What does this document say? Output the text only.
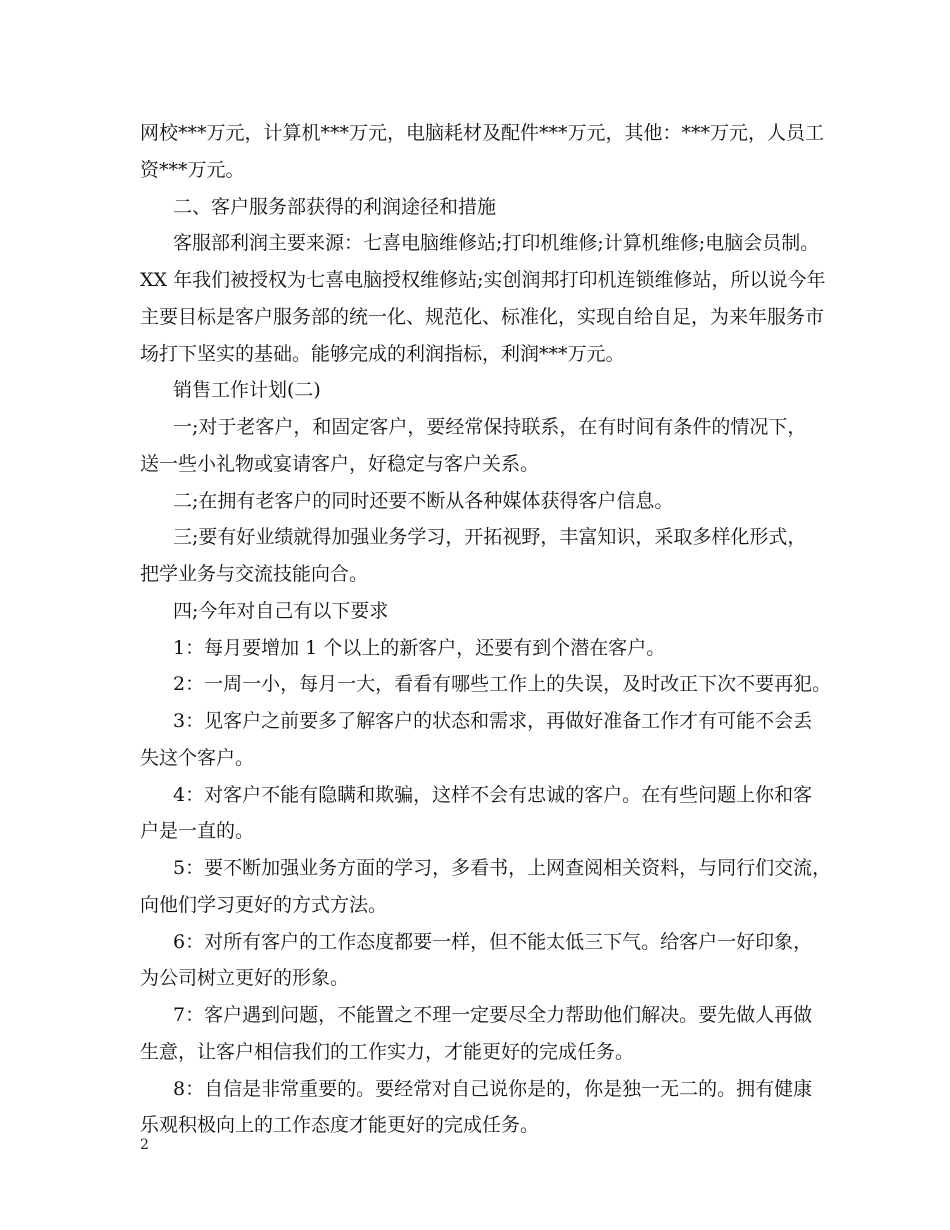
网校***万元，计算机***万元，电脑耗材及配件***万元，其他：***万元，人员工
资***万元。
二、客户服务部获得的利润途径和措施
客服部利润主要来源：七喜电脑维修站;打印机维修;计算机维修;电脑会员制。
XX 年我们被授权为七喜电脑授权维修站;实创润邦打印机连锁维修站，所以说今年
主要目标是客户服务部的统一化、规范化、标准化，实现自给自足，为来年服务市
场打下坚实的基础。能够完成的利润指标，利润***万元。
销售工作计划(二)
一;对于老客户，和固定客户，要经常保持联系，在有时间有条件的情况下，
送一些小礼物或宴请客户，好稳定与客户关系。
二;在拥有老客户的同时还要不断从各种媒体获得客户信息。
三;要有好业绩就得加强业务学习，开拓视野，丰富知识，采取多样化形式，
把学业务与交流技能向合。
四;今年对自己有以下要求
1：每月要增加 1 个以上的新客户，还要有到个潜在客户。
2：一周一小，每月一大，看看有哪些工作上的失误，及时改正下次不要再犯。
3：见客户之前要多了解客户的状态和需求，再做好准备工作才有可能不会丢
失这个客户。
4：对客户不能有隐瞒和欺骗，这样不会有忠诚的客户。在有些问题上你和客
户是一直的。
5：要不断加强业务方面的学习，多看书，上网查阅相关资料，与同行们交流，
向他们学习更好的方式方法。
6：对所有客户的工作态度都要一样，但不能太低三下气。给客户一好印象，
为公司树立更好的形象。
7：客户遇到问题，不能置之不理一定要尽全力帮助他们解决。要先做人再做
生意，让客户相信我们的工作实力，才能更好的完成任务。
8：自信是非常重要的。要经常对自己说你是的，你是独一无二的。拥有健康
乐观积极向上的工作态度才能更好的完成任务。
2
